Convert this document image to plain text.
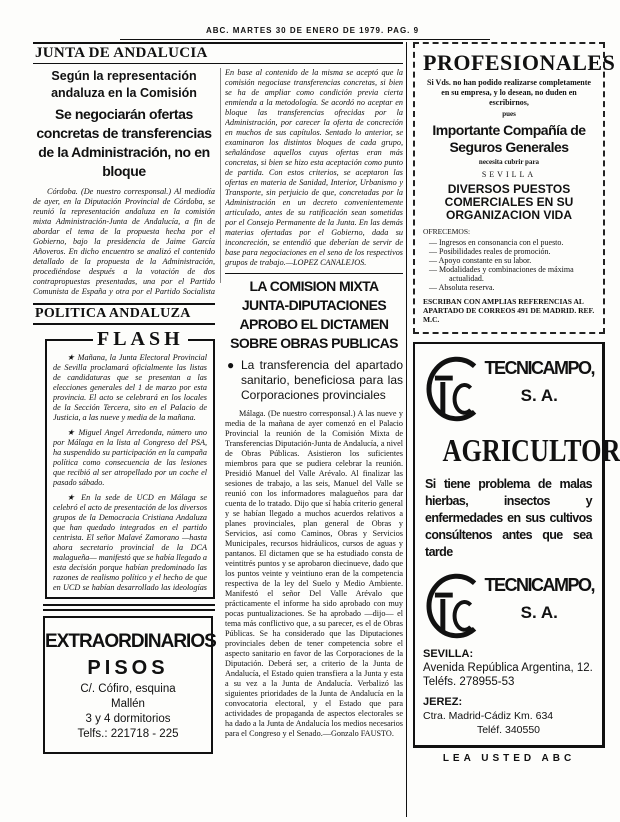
ABC. MARTES 30 DE ENERO DE 1979. PAG. 9
JUNTA DE ANDALUCIA
Según la representación andaluza en la Comisión
Se negociarán ofertas concretas de transferencias de la Administración, no en bloque

Córdoba. (De nuestro corresponsal.) Al mediodía de ayer, en la Diputación Provincial de Córdoba, se reunió la representación andaluza en la comisión mixta Administración-Junta de Andalucía, a fin de abordar el tema de la propuesta hecha por el Gobierno, bajo la presidencia de Jaime García Añoveros. En dicho encuentro se analizó el contenido detallado de la propuesta de la Administración, procediéndose después a la votación de dos contrapropuestas presentadas, una por el Partido Comunista de España y otra por el Partido Socialista

POLITICA ANDALUZA
FLASH

★ Mañana, la Junta Electoral Provincial de Sevilla proclamará oficialmente las listas de candidaturas que se presentan a las elecciones generales del 1 de marzo por esta provincia. El acto se celebrará en los locales de la Sección Tercera, sito en el Palacio de Justicia, a las nueve y media de la mañana.

★ Miguel Angel Arredonda, número uno por Málaga en la lista al Congreso del PSA, ha suspendido su participación en la campaña política como consecuencia de las lesiones que recibió al ser atropellado por un coche el pasado sábado.

★ En la sede de UCD en Málaga se celebró el acto de presentación de los diversos grupos de la Democracia Cristiana Andaluza que han quedado integrados en el partido centrista. El señor Malavé Zamorano —hasta ahora secretario provincial de la DCA malagueña— manifestó que se había llegado a esta decisión porque habían predominado las razones de realismo político y el hecho de que en UCD se habían desarrollado las ideologías

EXTRAORDINARIOS
PISOS
C/. Cófiro, esquina
Mallén
3 y 4 dormitorios
Telfs.: 221718 - 225

En base al contenido de la misma se aceptó que la comisión negociase transferencias concretas, si bien se ha de ampliar como condición previa cierta enmienda a la metodología. Se acordó no aceptar en bloque las transferencias ofrecidas por la Administración, por carecer la oferta de concreción en muchos de sus capítulos. Sentado lo anterior, se examinaron los distintos bloques de cada grupo, señalándose aquellos cuyas ofertas eran más concretas, si bien se hizo esta aceptación como punto de partida. Con estos criterios, se aceptaron las ofertas en materia de Sanidad, Interior, Urbanismo y Transporte, sin perjuicio de que, concretadas por la Administración en un decreto convenientemente articulado, antes de su ratificación sean sometidas por el Consejo Permanente de la Junta. En las demás materias ofertadas por el Gobierno, dada su inconcreción, se entendió que deberían de servir de base para negociaciones en el seno de los respectivos grupos de trabajo.—LOPEZ CANALEJOS.

LA COMISION MIXTA JUNTA-DIPUTACIONES APROBO EL DICTAMEN SOBRE OBRAS PUBLICAS
● La transferencia del apartado sanitario, beneficiosa para las Corporaciones provinciales

Málaga. (De nuestro corresponsal.) A las nueve y media de la mañana de ayer comenzó en el Palacio Provincial la reunión de la Comisión Mixta de Transferencias Diputación-Junta de Andalucía, a nivel de Obras Públicas. Asistieron los suficientes miembros para que se pudiera celebrar la reunión. Presidió Manuel del Valle Arévalo. Al finalizar las sesiones de trabajo, a las seis, Manuel del Valle se reunió con los informadores malagueños para dar cuenta de lo tratado. Dijo que sí había criterio general y se habían llegado a muchos acuerdos relativos a planes provinciales, plan general de Obras y Servicios, así como Caminos, Obras y Servicios Municipales, recursos hidráulicos, cursos de aguas y pantanos. El dictamen que se ha estudiado consta de veintitrés puntos y se aprobaron diecinueve, dado que los puntos veinte y veintiuno eran de la competencia respectiva de la ley del Suelo y Medio Ambiente. Manifestó el señor Del Valle Arévalo que prácticamente el informe ha sido aprobado con muy pocas puntualizaciones. Se ha aprobado —dijo— el tema más conflictivo que, a su parecer, es el de Obras Públicas. Se ha considerado que las Diputaciones provinciales deben de tener competencia sobre el aspecto sanitario en favor de las Corporaciones de la Diputación. Deberá ser, a criterio de la Junta de Andalucía, el Estado quien transfiera a la Junta y esta a su vez a la Junta de Andalucía. Verbalizó las siguientes prioridades de la Junta de Andalucía en la convocatoria electoral, y el Estado que para actividades de propaganda de aspectos electorales se ha dado a la Junta de Andalucía los medios necesarios para el Congreso y el Senado.—Gonzalo FAUSTO.

PROFESIONALES
Si Vds. no han podido realizarse completamente en su empresa, y lo desean, no duden en escribirnos,
pues
Importante Compañía de Seguros Generales
necesita cubrir para
SEVILLA
DIVERSOS PUESTOS COMERCIALES EN SU ORGANIZACION VIDA
OFRECEMOS:
— Ingresos en consonancia con el puesto.
— Posibilidades reales de promoción.
— Apoyo constante en su labor.
— Modalidades y combinaciones de máxima actualidad.
— Absoluta reserva.
ESCRIBAN CON AMPLIAS REFERENCIAS AL APARTADO DE CORREOS 491 DE MADRID. REF. M.C.
TECNICAMPO,
S. A.
AGRICULTOR
Si tiene problema de malas hierbas, insectos y enfermedades en sus cultivos consúltenos antes que sea tarde
TECNICAMPO,
S. A.
SEVILLA:
Avenida República Argentina, 12. Teléfs. 278955-53
JEREZ:
Ctra. Madrid-Cádiz Km. 634
Teléf. 340550
LEA USTED ABC
